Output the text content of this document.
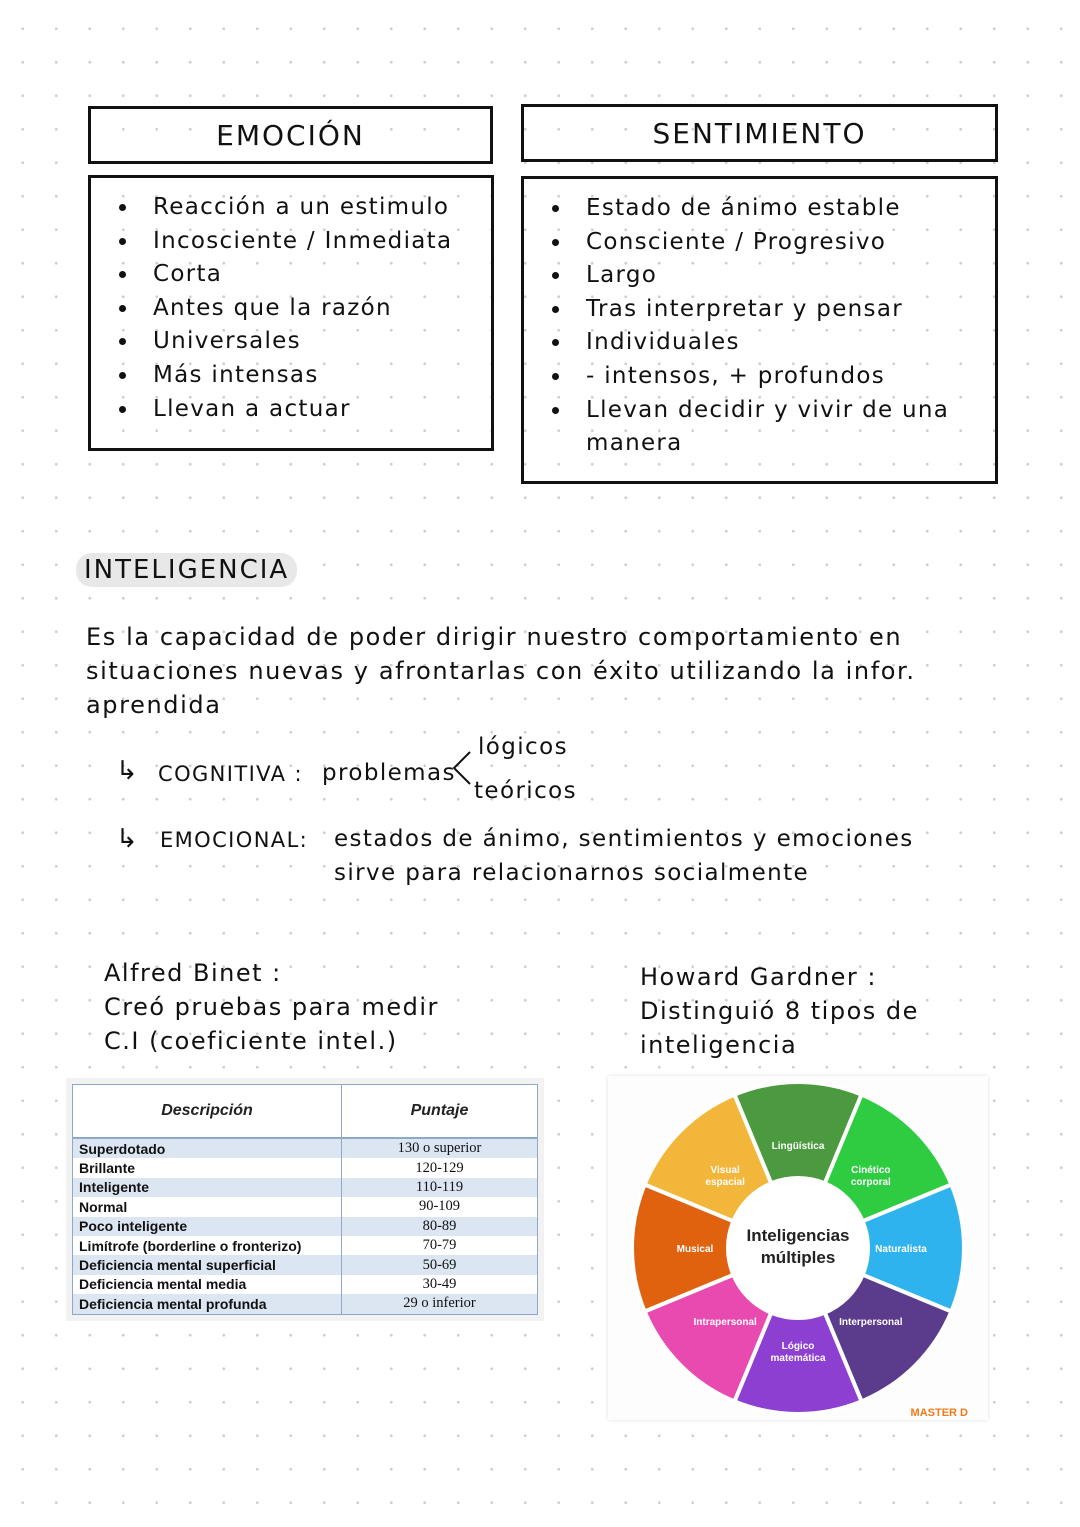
EMOCIÓN
Reacción a un estimulo
Incosciente / Inmediata
Corta
Antes que la razón
Universales
Más intensas
Llevan a actuar
SENTIMIENTO
Estado de ánimo estable
Consciente / Progresivo
Largo
Tras interpretar y pensar
Individuales
- intensos, + profundos
Llevan decidir y vivir de una manera
INTELIGENCIA
Es la capacidad de poder dirigir nuestro comportamiento en situaciones nuevas y afrontarlas con éxito utilizando la infor. aprendida
↳ COGNITIVA : problemas
lógicos
teóricos
↳ EMOCIONAL: estados de ánimo, sentimientos y emociones
sirve para relacionarnos socialmente
Alfred Binet :
Creó pruebas para medir
C.I (coeficiente intel.)
Howard Gardner :
Distinguió 8 tipos de
inteligencia
Descripción	Puntaje
Superdotado	130 o superior
Brillante	120-129
Inteligente	110-119
Normal	90-109
Poco inteligente	80-89
Limítrofe (borderline o fronterizo)	70-79
Deficiencia mental superficial	50-69
Deficiencia mental media	30-49
Deficiencia mental profunda	29 o inferior
Inteligencias
múltiples
Lingüística
Cinético
corporal
Naturalista
Interpersonal
Lógico
matemática
Intrapersonal
Musical
Visual
espacial
MASTER D
